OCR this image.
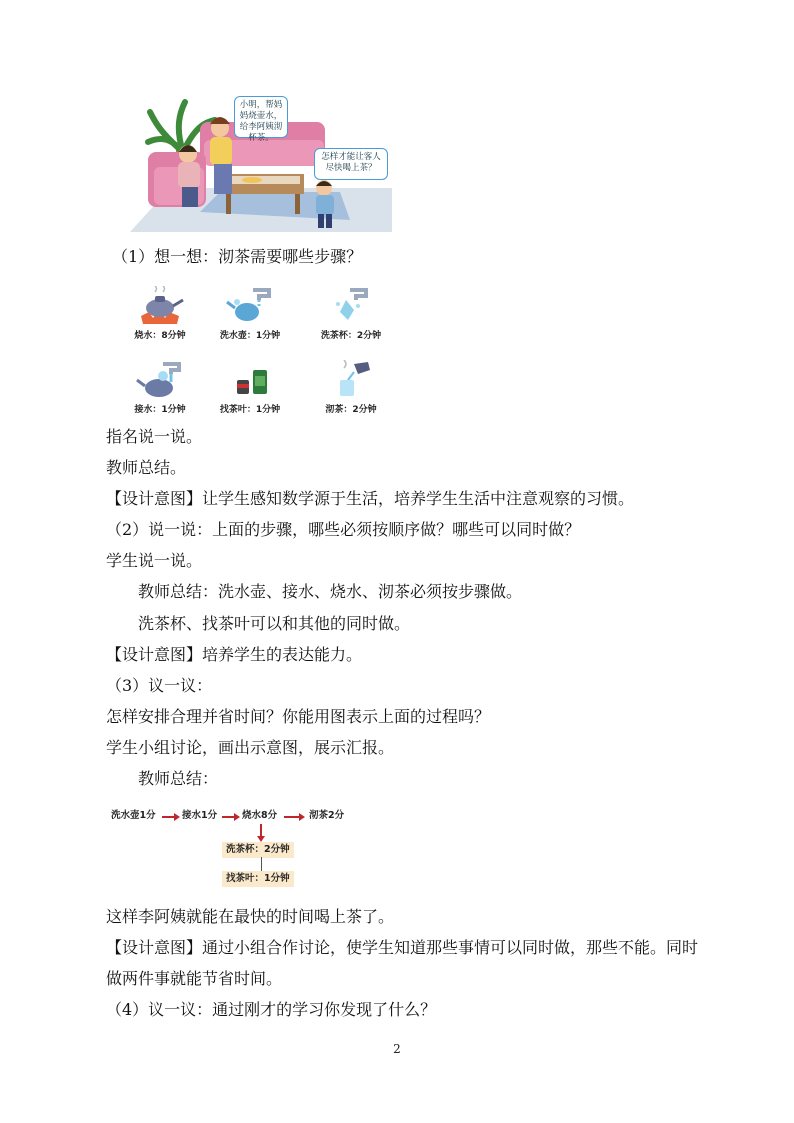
小明，帮妈妈烧壶水，给李阿姨沏杯茶。
怎样才能让客人尽快喝上茶？
（1）想一想：沏茶需要哪些步骤？
烧水：8分钟	洗水壶：1分钟	洗茶杯：2分钟
接水：1分钟	找茶叶：1分钟	沏茶：2分钟
指名说一说。
教师总结。
【设计意图】让学生感知数学源于生活，培养学生生活中注意观察的习惯。
（2）说一说：上面的步骤，哪些必须按顺序做？哪些可以同时做？
学生说一说。
教师总结：洗水壶、接水、烧水、沏茶必须按步骤做。
洗茶杯、找茶叶可以和其他的同时做。
【设计意图】培养学生的表达能力。
（3）议一议：
怎样安排合理并省时间？你能用图表示上面的过程吗？
学生小组讨论，画出示意图，展示汇报。
教师总结：
洗水壶1分	接水1分	烧水8分	沏茶2分
洗茶杯：2分钟
找茶叶：1分钟
这样李阿姨就能在最快的时间喝上茶了。
【设计意图】通过小组合作讨论，使学生知道那些事情可以同时做，那些不能。同时
做两件事就能节省时间。
（4）议一议：通过刚才的学习你发现了什么？
2
